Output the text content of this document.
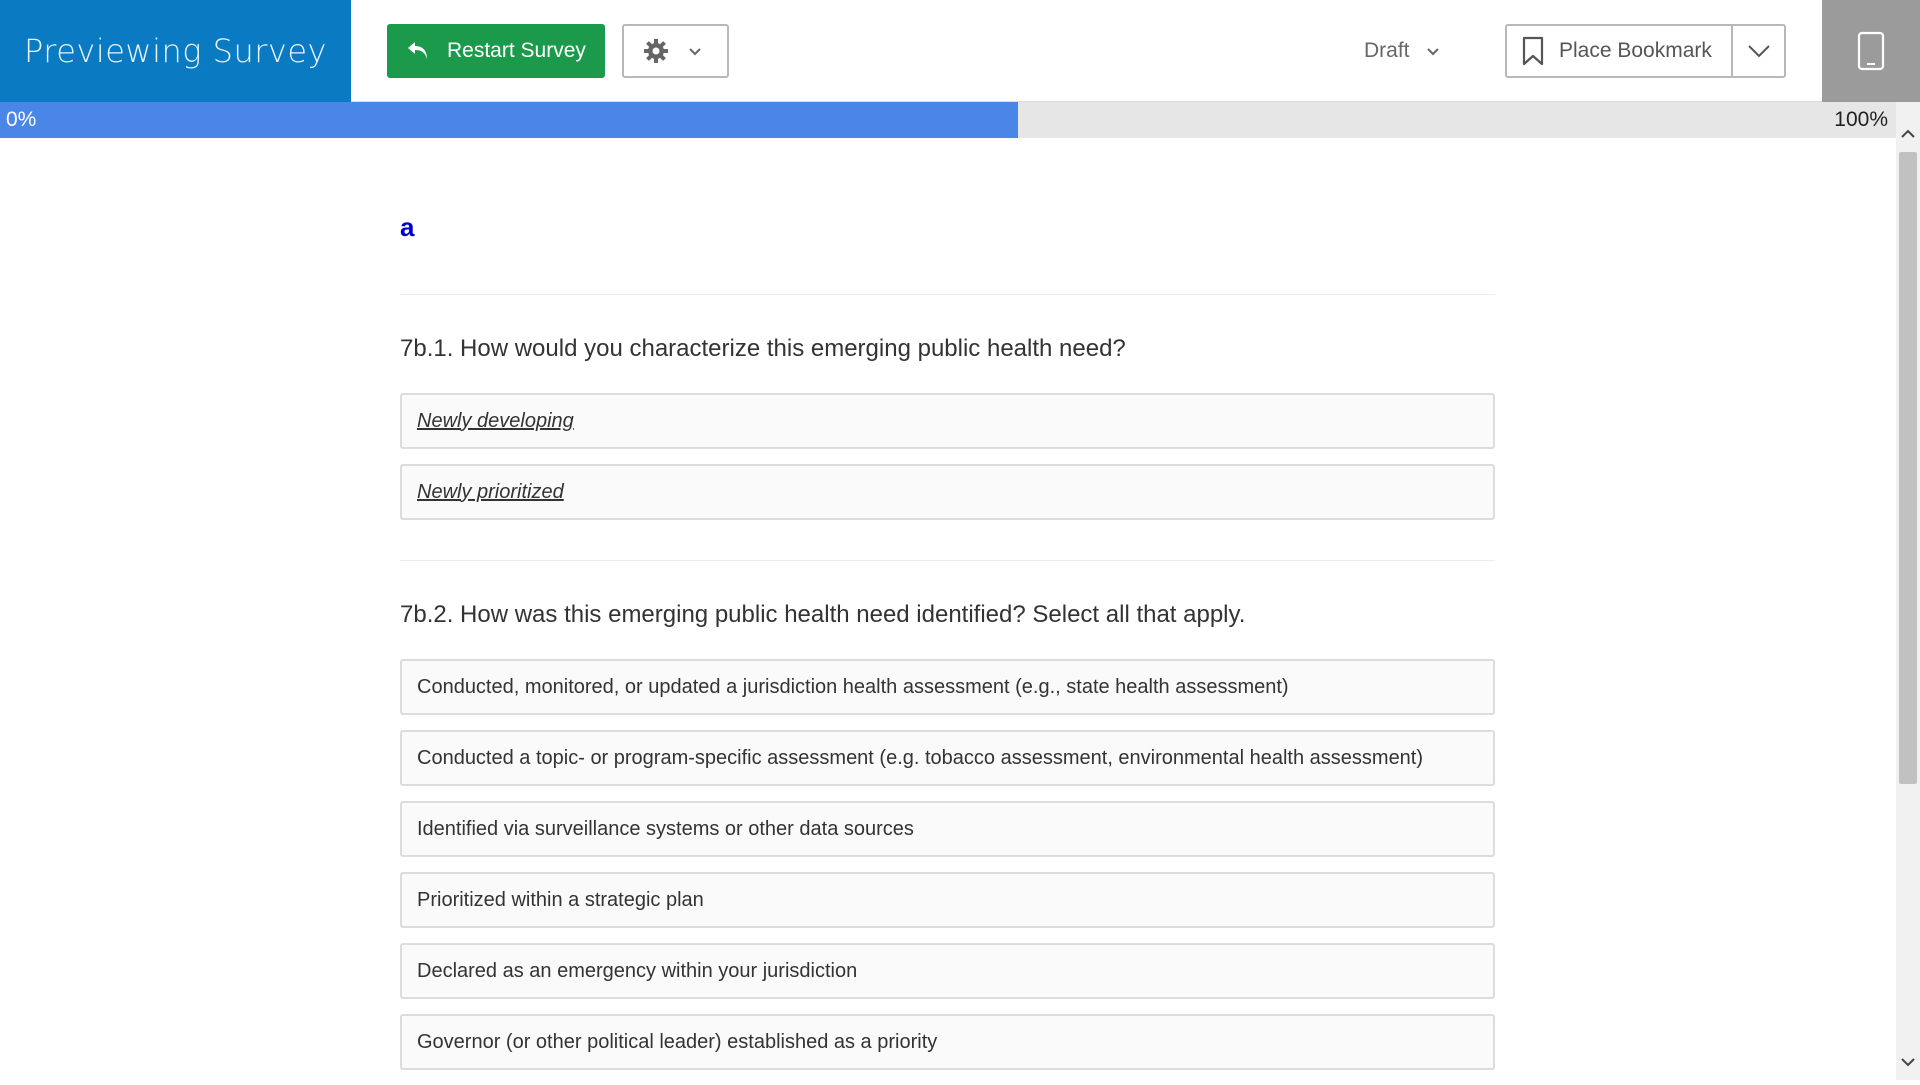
Previewing Survey	Restart Survey	Draft	Place Bookmark
0%	100%
a
7b.1. How would you characterize this emerging public health need?
Newly developing
Newly prioritized
7b.2. How was this emerging public health need identified? Select all that apply.
Conducted, monitored, or updated a jurisdiction health assessment (e.g., state health assessment)
Conducted a topic- or program-specific assessment (e.g. tobacco assessment, environmental health assessment)
Identified via surveillance systems or other data sources
Prioritized within a strategic plan
Declared as an emergency within your jurisdiction
Governor (or other political leader) established as a priority
